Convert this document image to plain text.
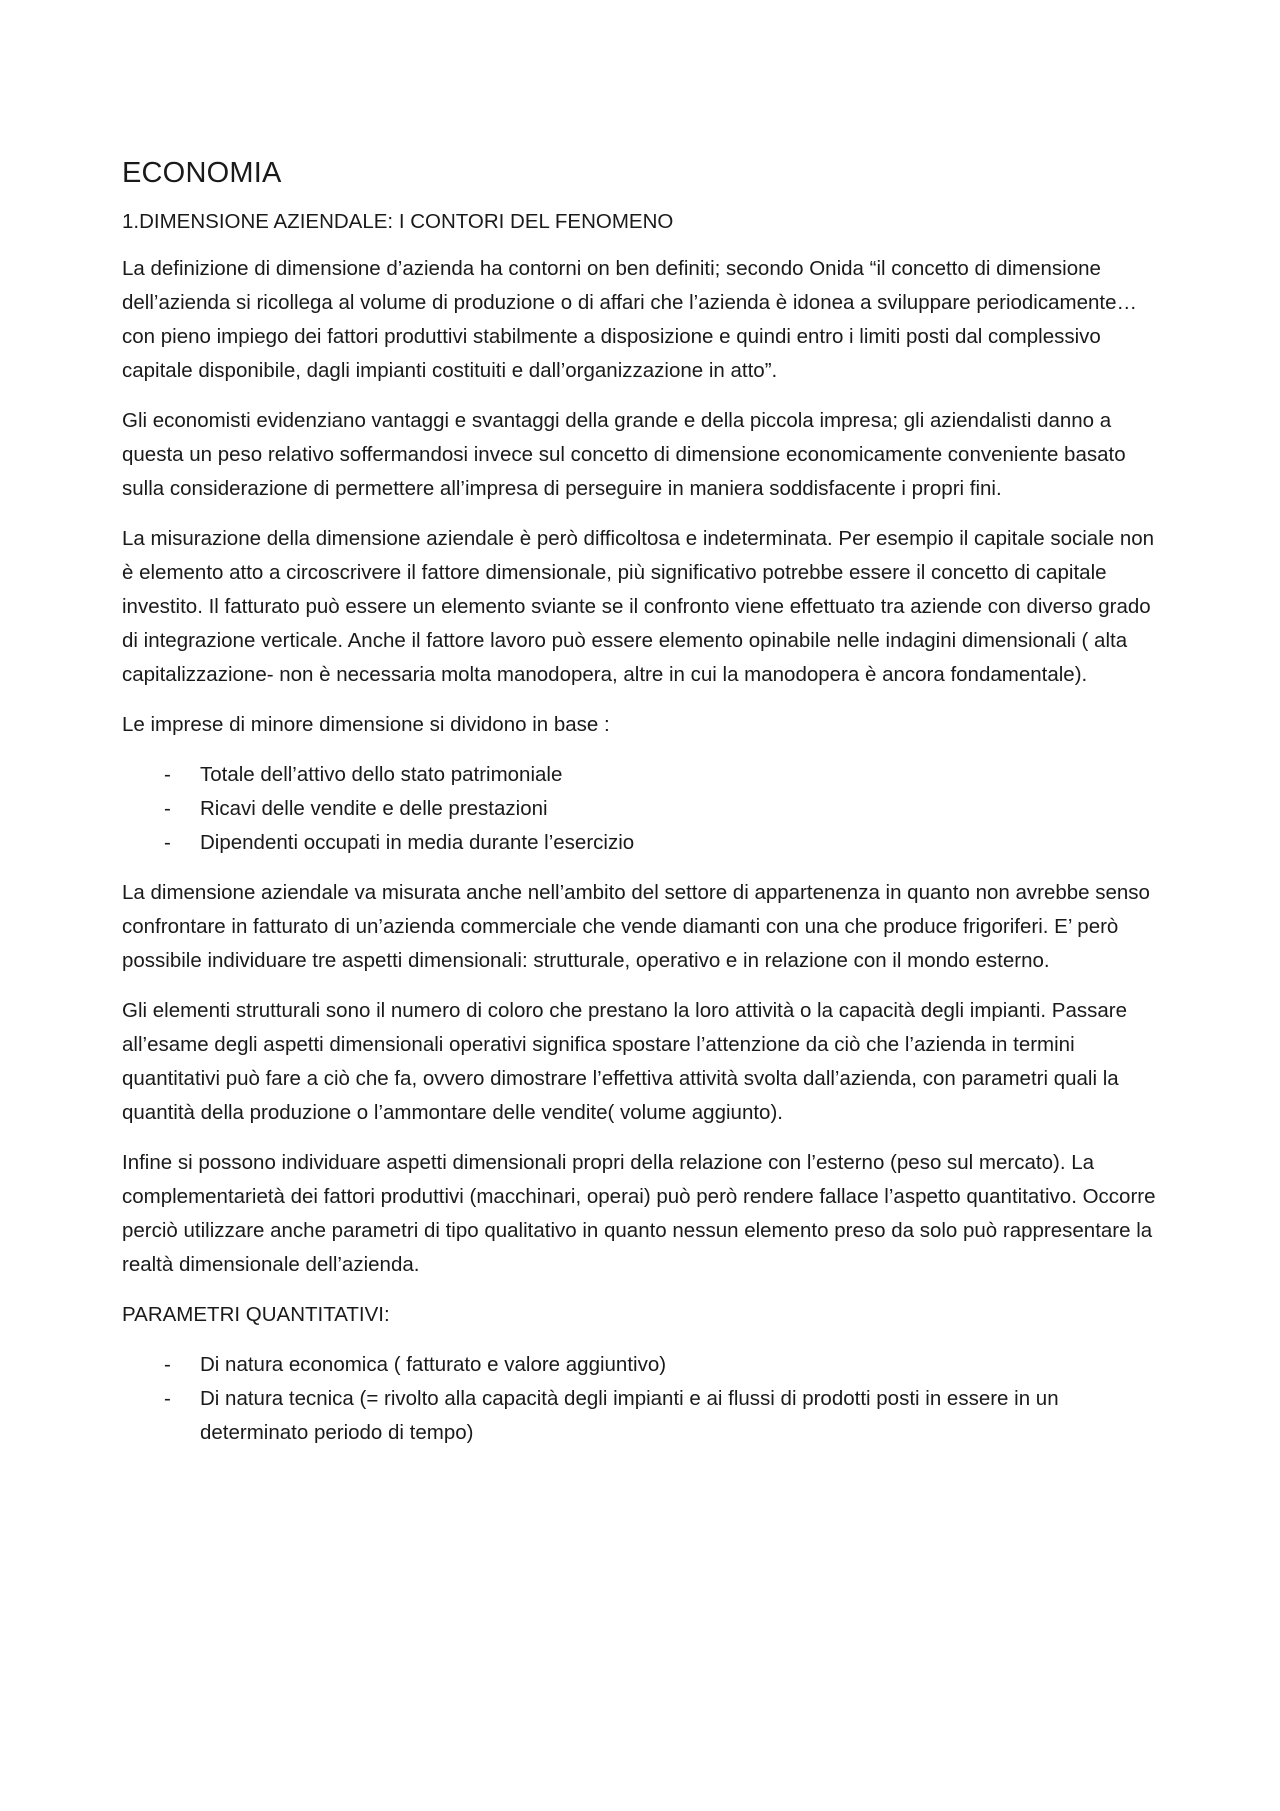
ECONOMIA

1.DIMENSIONE AZIENDALE: I CONTORI DEL FENOMENO

La definizione di dimensione d’azienda ha contorni on ben definiti; secondo Onida “il concetto di dimensione dell’azienda si ricollega al volume di produzione o di affari che l’azienda è idonea a sviluppare periodicamente…con pieno impiego dei fattori produttivi stabilmente a disposizione e quindi entro i limiti posti dal complessivo capitale disponibile, dagli impianti costituiti e dall’organizzazione in atto”.

Gli economisti evidenziano vantaggi e svantaggi della grande e della piccola impresa; gli aziendalisti danno a questa un peso relativo soffermandosi invece sul concetto di dimensione economicamente conveniente basato sulla considerazione di permettere all’impresa di perseguire in maniera soddisfacente i propri fini.

La misurazione della dimensione aziendale è però difficoltosa e indeterminata. Per esempio il capitale sociale non è elemento atto a circoscrivere il fattore dimensionale, più significativo potrebbe essere il concetto di capitale investito. Il fatturato può essere un elemento sviante se il confronto viene effettuato tra aziende con diverso grado di integrazione verticale. Anche il fattore lavoro può essere elemento opinabile nelle indagini dimensionali ( alta capitalizzazione- non è necessaria molta manodopera, altre in cui la manodopera è ancora fondamentale).

Le imprese di minore dimensione si dividono in base :

- Totale dell’attivo dello stato patrimoniale
- Ricavi delle vendite e delle prestazioni
- Dipendenti occupati in media durante l’esercizio

La dimensione aziendale va misurata anche nell’ambito del settore di appartenenza in quanto non avrebbe senso confrontare in fatturato di un’azienda commerciale che vende diamanti con una che produce frigoriferi. E’ però possibile individuare tre aspetti dimensionali: strutturale, operativo e in relazione con il mondo esterno.

Gli elementi strutturali sono il numero di coloro che prestano la loro attività o la capacità degli impianti. Passare all’esame degli aspetti dimensionali operativi significa spostare l’attenzione da ciò che l’azienda in termini quantitativi può fare a ciò che fa, ovvero dimostrare l’effettiva attività svolta dall’azienda, con parametri quali la quantità della produzione o l’ammontare delle vendite( volume aggiunto).

Infine si possono individuare aspetti dimensionali propri della relazione con l’esterno (peso sul mercato). La complementarietà dei fattori produttivi (macchinari, operai) può però rendere fallace l’aspetto quantitativo. Occorre perciò utilizzare anche parametri di tipo qualitativo in quanto nessun elemento preso da solo può rappresentare la realtà dimensionale dell’azienda.

PARAMETRI QUANTITATIVI:

- Di natura economica ( fatturato e valore aggiuntivo)
- Di natura tecnica (= rivolto alla capacità degli impianti e ai flussi di prodotti posti in essere in un determinato periodo di tempo)
